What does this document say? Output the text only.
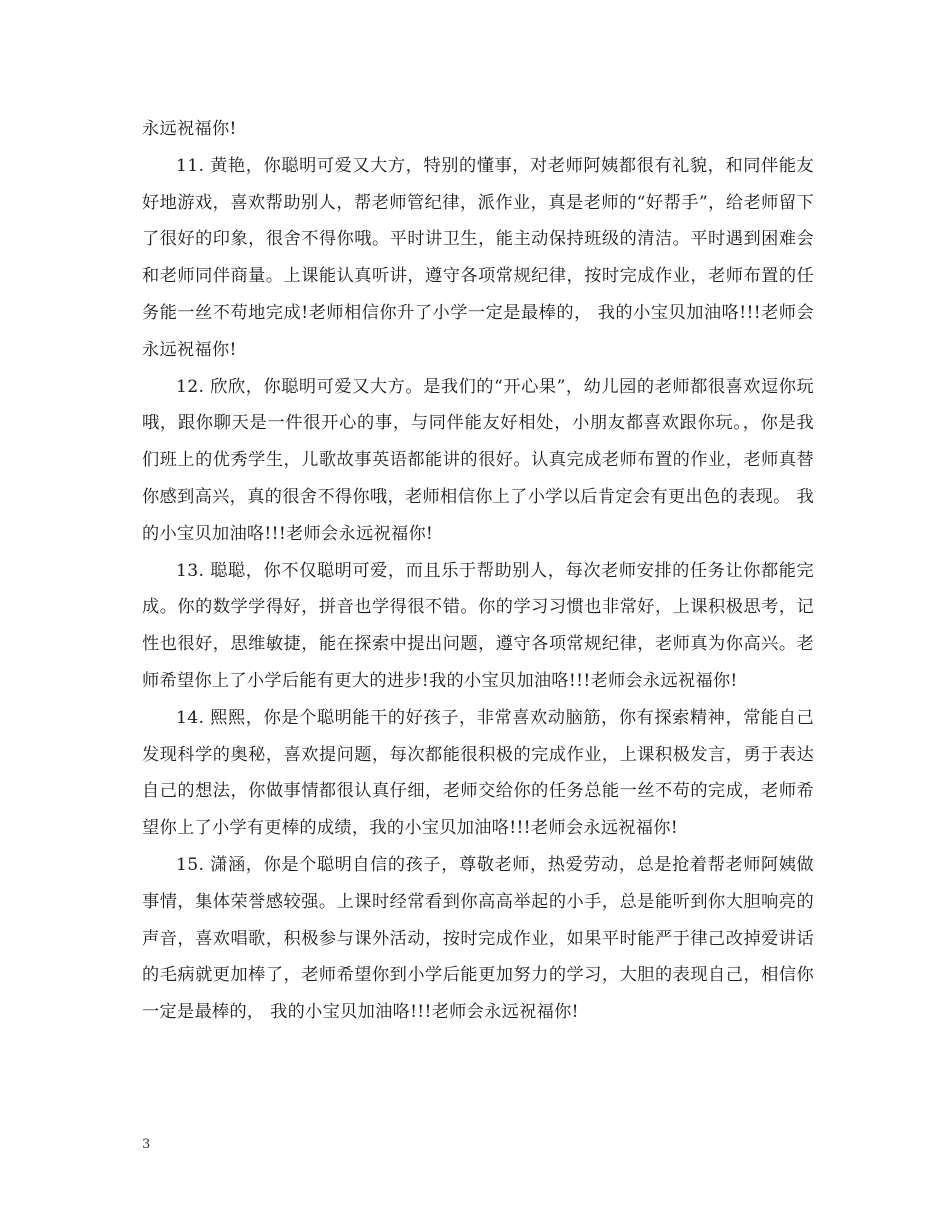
永远祝福你!

11. 黄艳，你聪明可爱又大方，特别的懂事，对老师阿姨都很有礼貌，和同伴能友好地游戏，喜欢帮助别人，帮老师管纪律，派作业，真是老师的“好帮手”，给老师留下了很好的印象，很舍不得你哦。平时讲卫生，能主动保持班级的清洁。平时遇到困难会和老师同伴商量。上课能认真听讲，遵守各项常规纪律，按时完成作业，老师布置的任务能一丝不苟地完成!老师相信你升了小学一定是最棒的， 我的小宝贝加油咯!!!老师会永远祝福你!

12. 欣欣，你聪明可爱又大方。是我们的“开心果”，幼儿园的老师都很喜欢逗你玩哦，跟你聊天是一件很开心的事，与同伴能友好相处，小朋友都喜欢跟你玩。，你是我们班上的优秀学生，儿歌故事英语都能讲的很好。认真完成老师布置的作业，老师真替你感到高兴，真的很舍不得你哦，老师相信你上了小学以后肯定会有更出色的表现。 我的小宝贝加油咯!!!老师会永远祝福你!

13. 聪聪，你不仅聪明可爱，而且乐于帮助别人，每次老师安排的任务让你都能完成。你的数学学得好，拼音也学得很不错。你的学习习惯也非常好，上课积极思考，记性也很好，思维敏捷，能在探索中提出问题，遵守各项常规纪律，老师真为你高兴。老师希望你上了小学后能有更大的进步!我的小宝贝加油咯!!!老师会永远祝福你!

14. 熙熙，你是个聪明能干的好孩子，非常喜欢动脑筋，你有探索精神，常能自己发现科学的奥秘，喜欢提问题，每次都能很积极的完成作业，上课积极发言，勇于表达自己的想法，你做事情都很认真仔细，老师交给你的任务总能一丝不苟的完成，老师希望你上了小学有更棒的成绩，我的小宝贝加油咯!!!老师会永远祝福你!

15. 潇涵，你是个聪明自信的孩子，尊敬老师，热爱劳动，总是抢着帮老师阿姨做事情，集体荣誉感较强。上课时经常看到你高高举起的小手，总是能听到你大胆响亮的声音，喜欢唱歌，积极参与课外活动，按时完成作业，如果平时能严于律己改掉爱讲话的毛病就更加棒了，老师希望你到小学后能更加努力的学习，大胆的表现自己，相信你一定是最棒的， 我的小宝贝加油咯!!!老师会永远祝福你!

3
